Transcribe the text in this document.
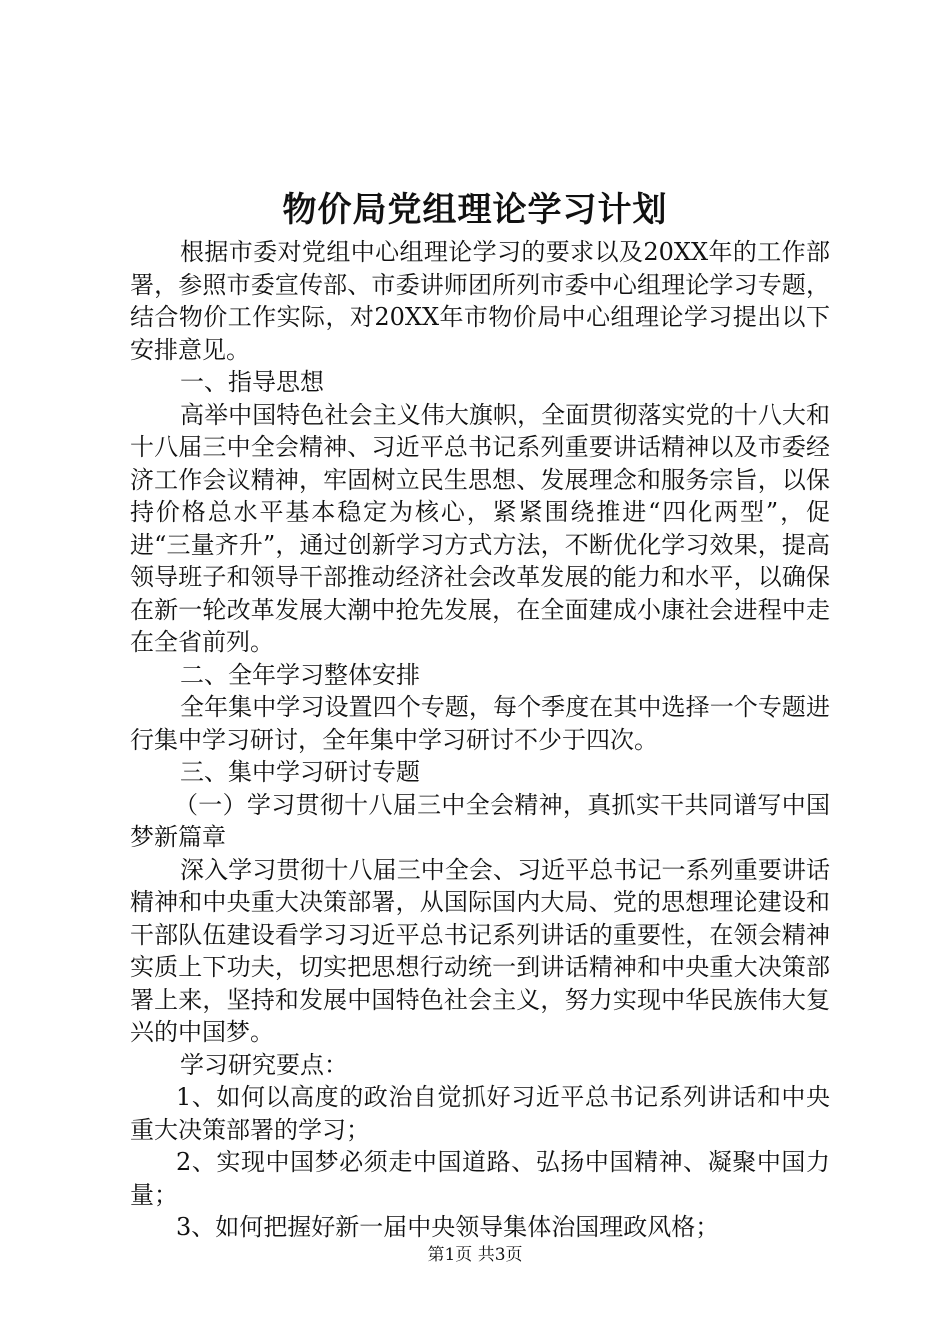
物价局党组理论学习计划

根据市委对党组中心组理论学习的要求以及20XX年的工作部署，参照市委宣传部、市委讲师团所列市委中心组理论学习专题，结合物价工作实际，对20XX年市物价局中心组理论学习提出以下安排意见。

一、指导思想

高举中国特色社会主义伟大旗帜，全面贯彻落实党的十八大和十八届三中全会精神、习近平总书记系列重要讲话精神以及市委经济工作会议精神，牢固树立民生思想、发展理念和服务宗旨，以保持价格总水平基本稳定为核心，紧紧围绕推进“四化两型”，促进“三量齐升”，通过创新学习方式方法，不断优化学习效果，提高领导班子和领导干部推动经济社会改革发展的能力和水平，以确保在新一轮改革发展大潮中抢先发展，在全面建成小康社会进程中走在全省前列。

二、全年学习整体安排

全年集中学习设置四个专题，每个季度在其中选择一个专题进行集中学习研讨，全年集中学习研讨不少于四次。

三、集中学习研讨专题

（一）学习贯彻十八届三中全会精神，真抓实干共同谱写中国梦新篇章

深入学习贯彻十八届三中全会、习近平总书记一系列重要讲话精神和中央重大决策部署，从国际国内大局、党的思想理论建设和干部队伍建设看学习习近平总书记系列讲话的重要性，在领会精神实质上下功夫，切实把思想行动统一到讲话精神和中央重大决策部署上来，坚持和发展中国特色社会主义，努力实现中华民族伟大复兴的中国梦。

学习研究要点：

1、如何以高度的政治自觉抓好习近平总书记系列讲话和中央重大决策部署的学习；

2、实现中国梦必须走中国道路、弘扬中国精神、凝聚中国力量；

3、如何把握好新一届中央领导集体治国理政风格；

第1页 共3页
